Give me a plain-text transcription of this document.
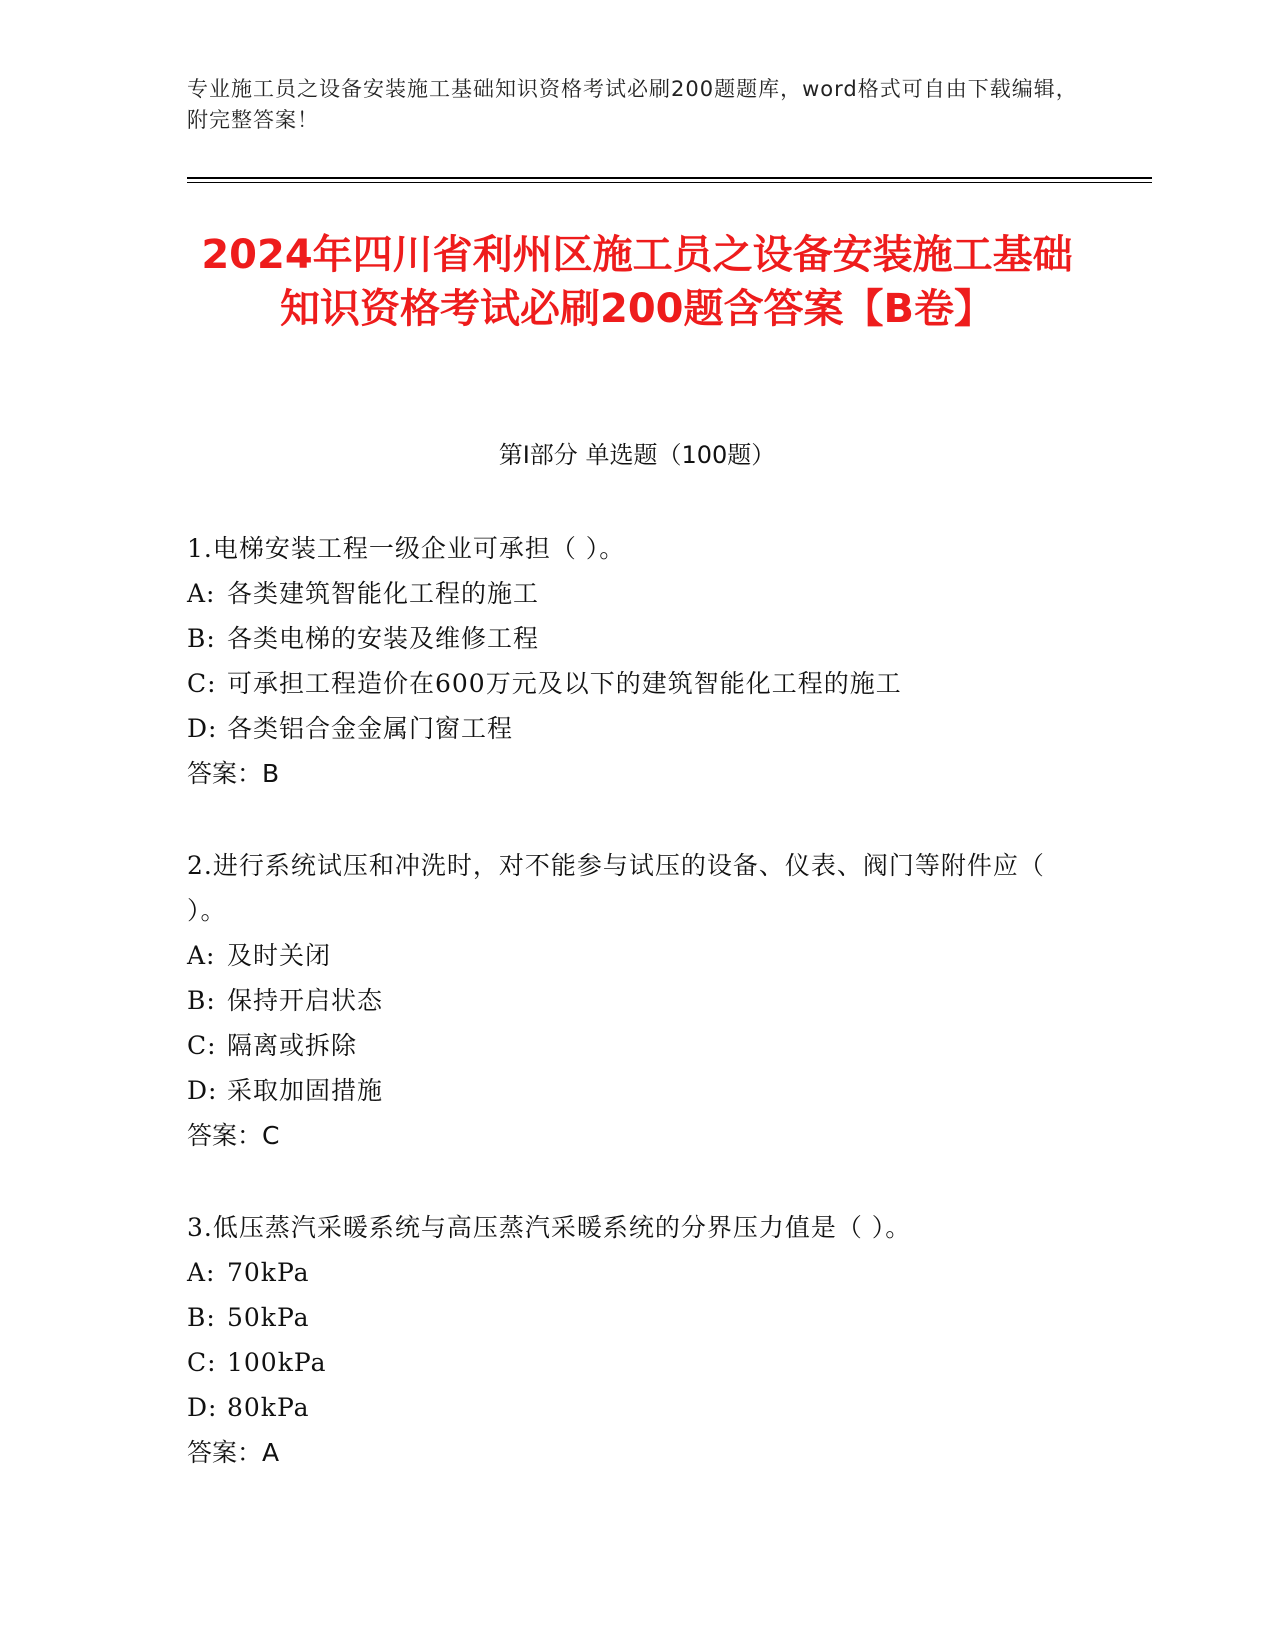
专业施工员之设备安装施工基础知识资格考试必刷200题题库，word格式可自由下载编辑，附完整答案！
2024年四川省利州区施工员之设备安装施工基础知识资格考试必刷200题含答案【B卷】
第Ⅰ部分 单选题（100题）

1.电梯安装工程一级企业可承担（ ）。

A: 各类建筑智能化工程的施工

B: 各类电梯的安装及维修工程

C: 可承担工程造价在600万元及以下的建筑智能化工程的施工

D: 各类铝合金金属门窗工程

答案：B

2.进行系统试压和冲洗时，对不能参与试压的设备、仪表、阀门等附件应（ ）。

A: 及时关闭

B: 保持开启状态

C: 隔离或拆除

D: 采取加固措施

答案：C

3.低压蒸汽采暖系统与高压蒸汽采暖系统的分界压力值是（ ）。

A: 70kPa

B: 50kPa

C: 100kPa

D: 80kPa

答案：A
